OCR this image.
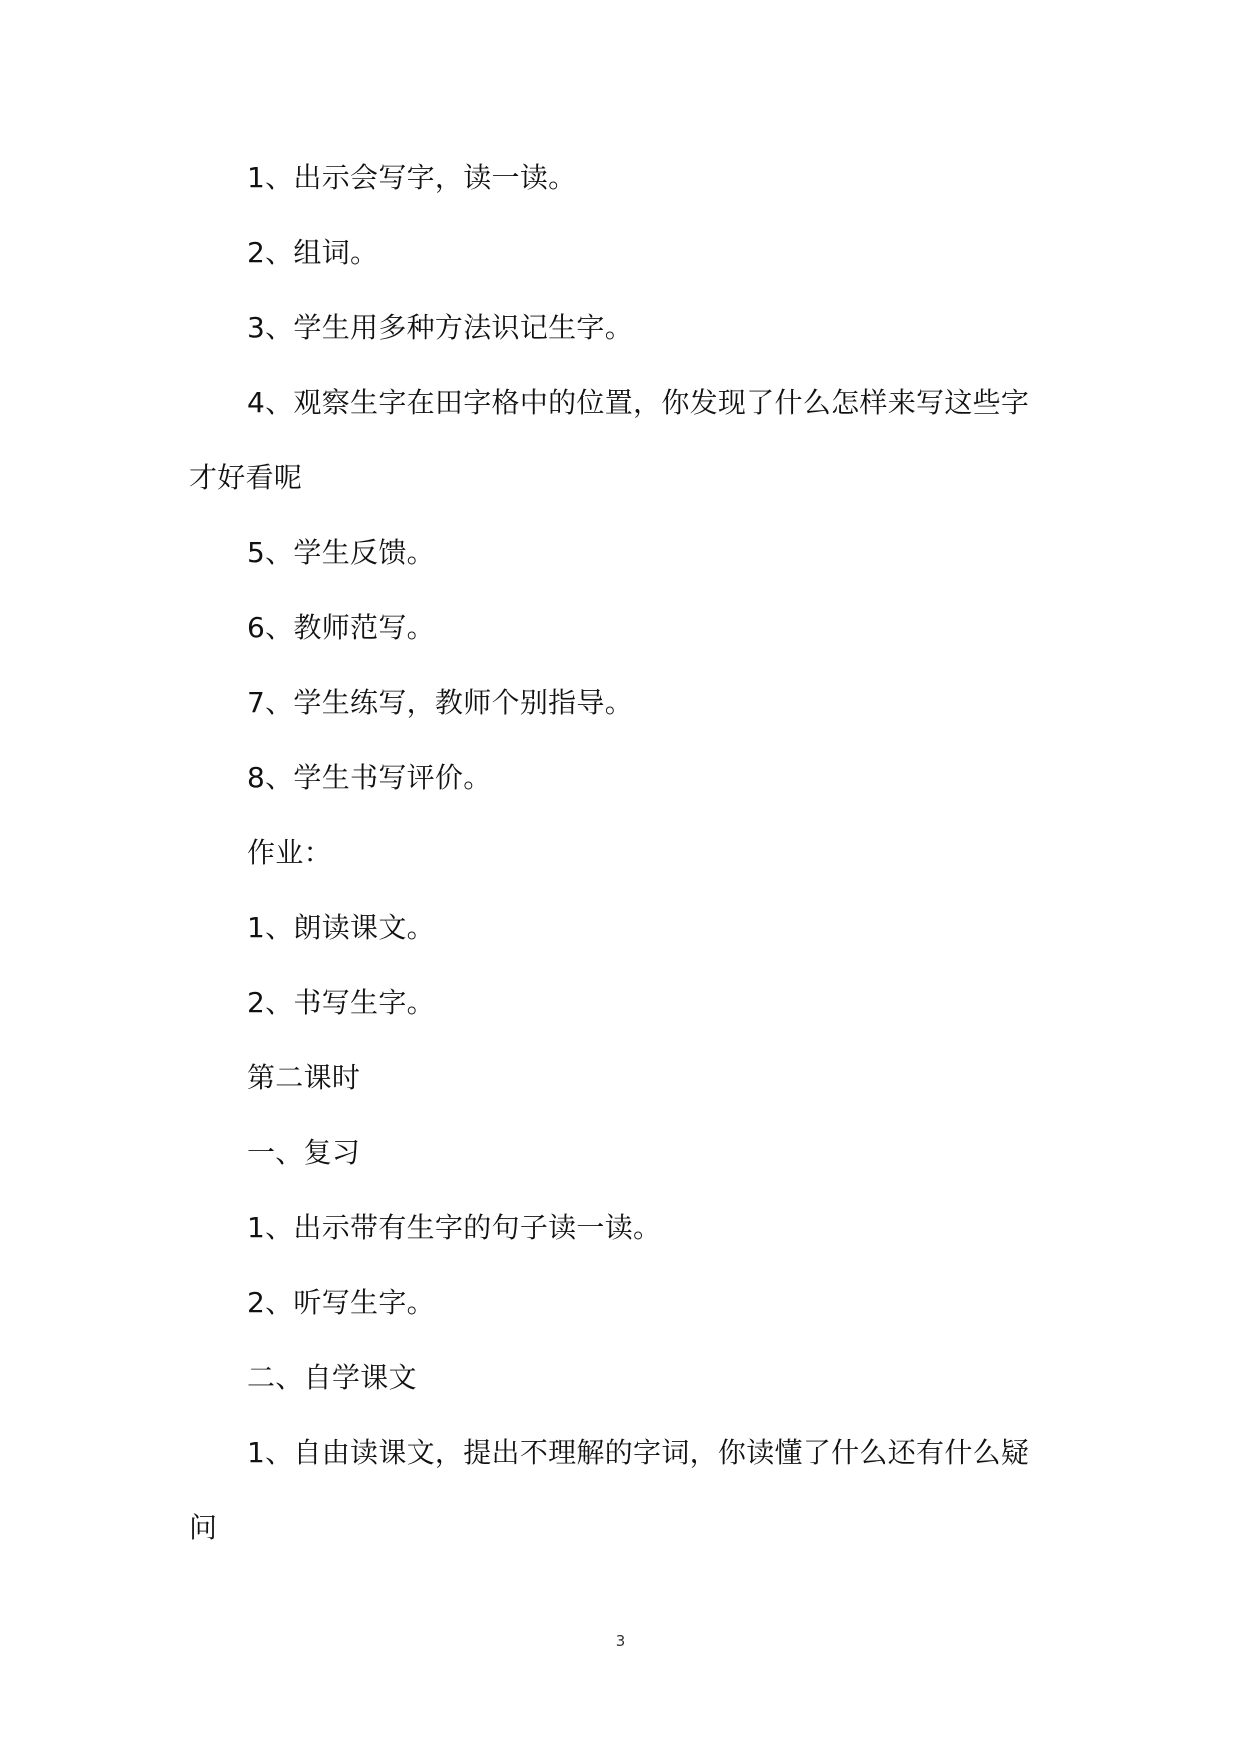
1、出示会写字，读一读。

2、组词。

3、学生用多种方法识记生字。

4、观察生字在田字格中的位置，你发现了什么怎样来写这些字才好看呢

5、学生反馈。

6、教师范写。

7、学生练写，教师个别指导。

8、学生书写评价。

作业：

1、朗读课文。

2、书写生字。

第二课时

一、复习

1、出示带有生字的句子读一读。

2、听写生字。

二、自学课文

1、自由读课文，提出不理解的字词，你读懂了什么还有什么疑问

3
